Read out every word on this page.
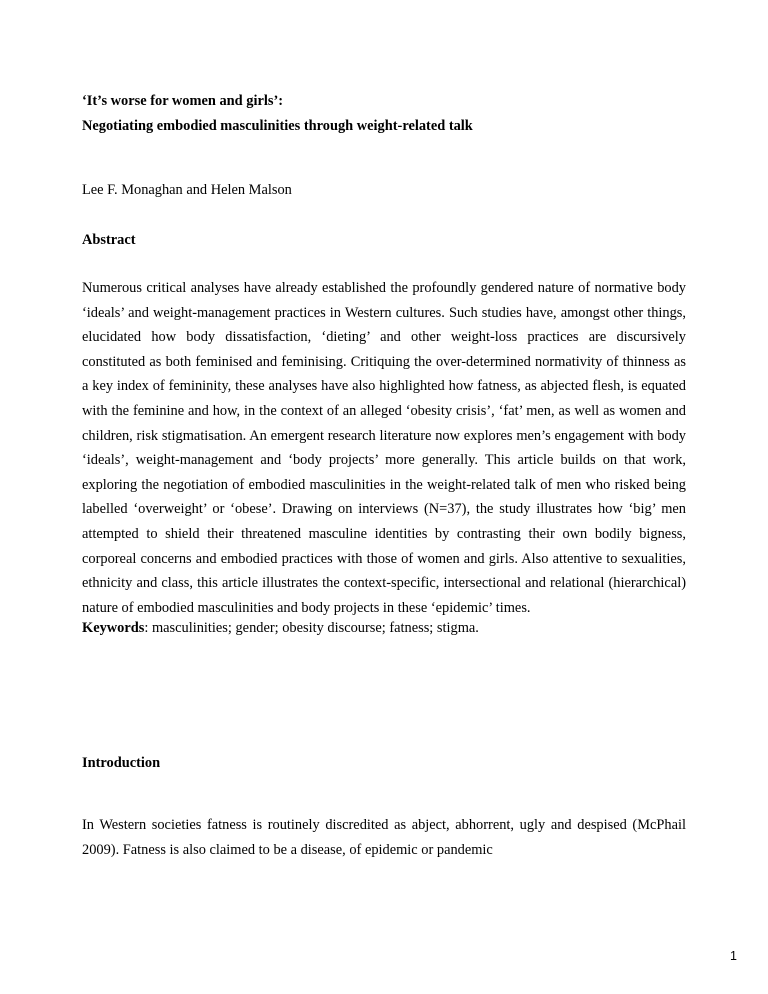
‘It’s worse for women and girls’:

Negotiating embodied masculinities through weight-related talk

Lee F. Monaghan and Helen Malson

Abstract

Numerous critical analyses have already established the profoundly gendered nature of normative body ‘ideals’ and weight-management practices in Western cultures. Such studies have, amongst other things, elucidated how body dissatisfaction, ‘dieting’ and other weight-loss practices are discursively constituted as both feminised and feminising. Critiquing the over-determined normativity of thinness as a key index of femininity, these analyses have also highlighted how fatness, as abjected flesh, is equated with the feminine and how, in the context of an alleged ‘obesity crisis’, ‘fat’ men, as well as women and children, risk stigmatisation. An emergent research literature now explores men’s engagement with body ‘ideals’, weight-management and ‘body projects’ more generally. This article builds on that work, exploring the negotiation of embodied masculinities in the weight-related talk of men who risked being labelled ‘overweight’ or ‘obese’. Drawing on interviews (N=37), the study illustrates how ‘big’ men attempted to shield their threatened masculine identities by contrasting their own bodily bigness, corporeal concerns and embodied practices with those of women and girls. Also attentive to sexualities, ethnicity and class, this article illustrates the context-specific, intersectional and relational (hierarchical) nature of embodied masculinities and body projects in these ‘epidemic’ times.

Keywords: masculinities; gender; obesity discourse; fatness; stigma.

Introduction

In Western societies fatness is routinely discredited as abject, abhorrent, ugly and despised (McPhail 2009). Fatness is also claimed to be a disease, of epidemic or pandemic

1
